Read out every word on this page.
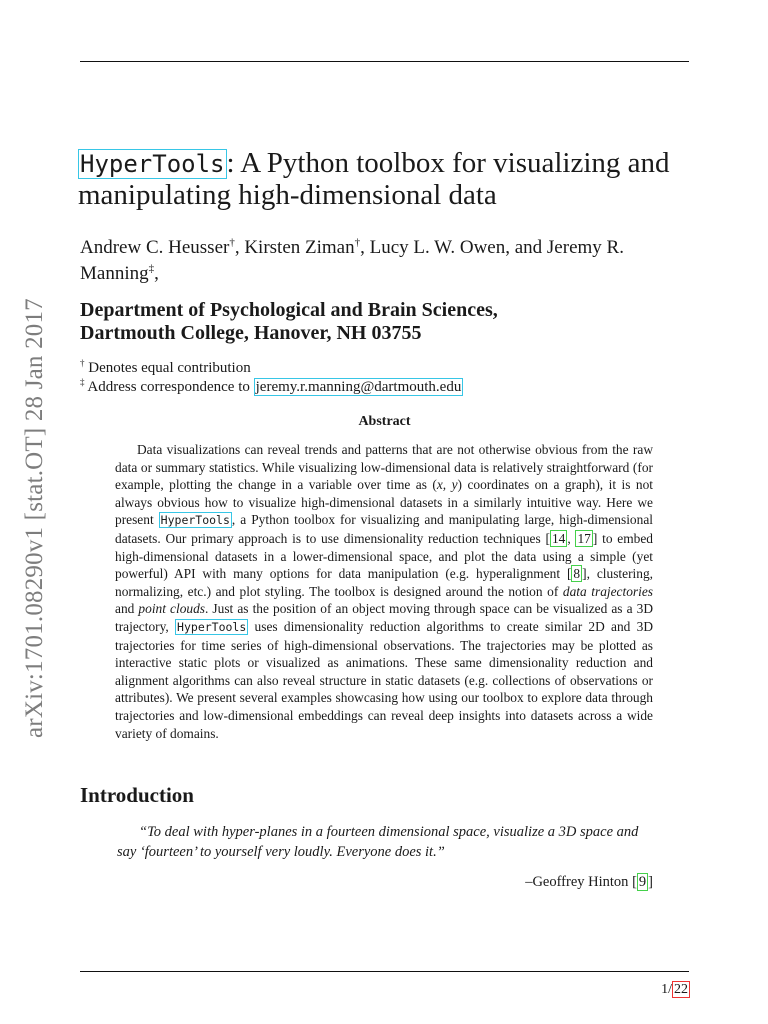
arXiv:1701.08290v1 [stat.OT] 28 Jan 2017
HyperTools: A Python toolbox for visualizing and manipulating high-dimensional data

Andrew C. Heusser†, Kirsten Ziman†, Lucy L. W. Owen, and Jeremy R. Manning‡,

Department of Psychological and Brain Sciences,
Dartmouth College, Hanover, NH 03755

† Denotes equal contribution
‡ Address correspondence to jeremy.r.manning@dartmouth.edu
Abstract

Data visualizations can reveal trends and patterns that are not otherwise obvious from the raw data or summary statistics. While visualizing low-dimensional data is relatively straightforward (for example, plotting the change in a variable over time as (x, y) coordinates on a graph), it is not always obvious how to visualize high-dimensional datasets in a similarly intuitive way. Here we present HyperTools , a Python toolbox for visualizing and manipulating large, high-dimensional datasets. Our primary approach is to use dimensionality reduction techniques [ 14 , 17 ] to embed high-dimensional datasets in a lower-dimensional space, and plot the data using a simple (yet powerful) API with many options for data manipulation (e.g. hyperalignment [ 8 ], clustering, normalizing, etc.) and plot styling. The toolbox is designed around the notion of data trajectories and point clouds. Just as the position of an object moving through space can be visualized as a 3D trajectory, HyperTools uses dimensionality reduction algorithms to create similar 2D and 3D trajectories for time series of high-dimensional observations. The trajectories may be plotted as interactive static plots or visualized as animations. These same dimensionality reduction and alignment algorithms can also reveal structure in static datasets (e.g. collections of observations or attributes). We present several examples showcasing how using our toolbox to explore data through trajectories and low-dimensional embeddings can reveal deep insights into datasets across a wide variety of domains.

Introduction

“To deal with hyper-planes in a fourteen dimensional space, visualize a 3D space and say ‘fourteen’ to yourself very loudly. Everyone does it.”

–Geoffrey Hinton [ 9 ]
1/ 22
